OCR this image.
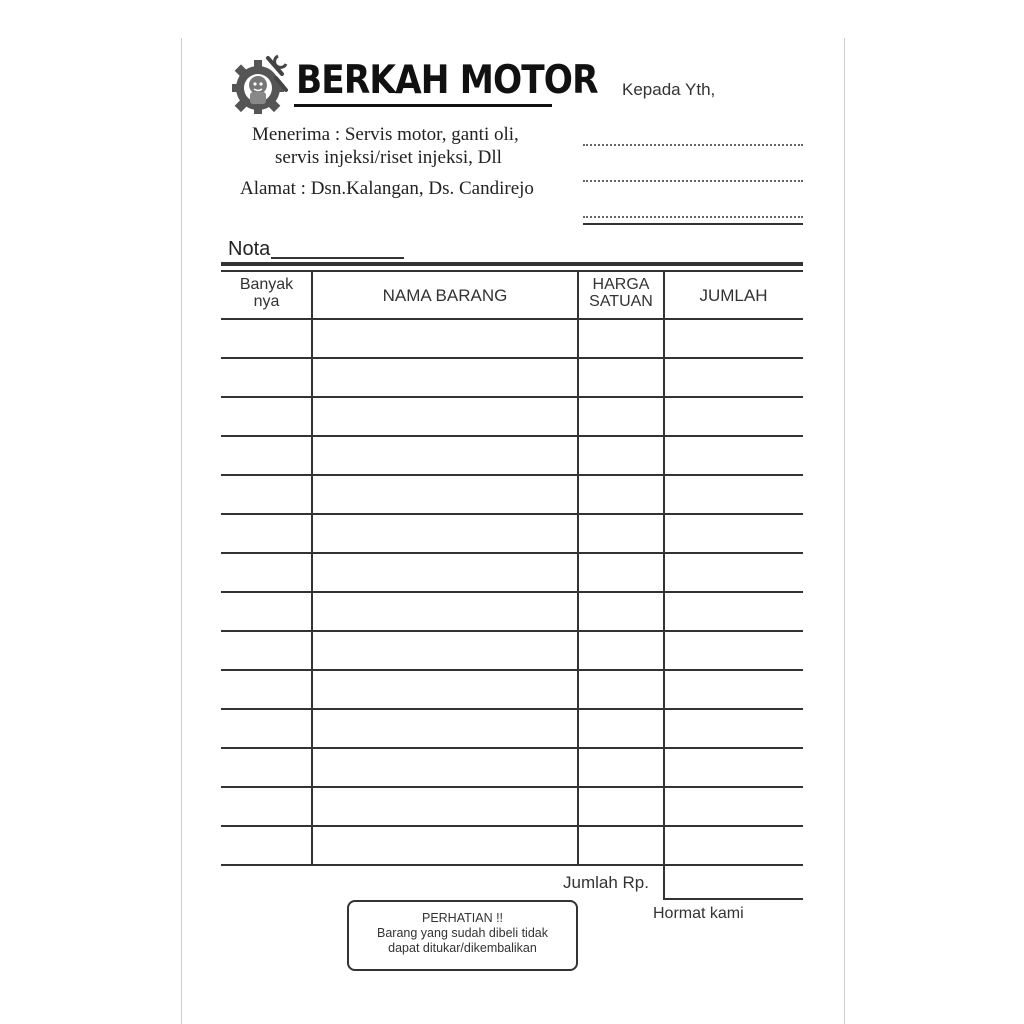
BERKAH MOTOR
Menerima : Servis motor, ganti oli,
servis injeksi/riset injeksi, Dll
Alamat : Dsn.Kalangan, Ds. Candirejo
Kepada Yth,
Nota
Banyak
nya	NAMA BARANG
HARGA
SATUAN	JUMLAH
Jumlah Rp.
Hormat kami
PERHATIAN !!
Barang yang sudah dibeli tidak
dapat ditukar/dikembalikan
